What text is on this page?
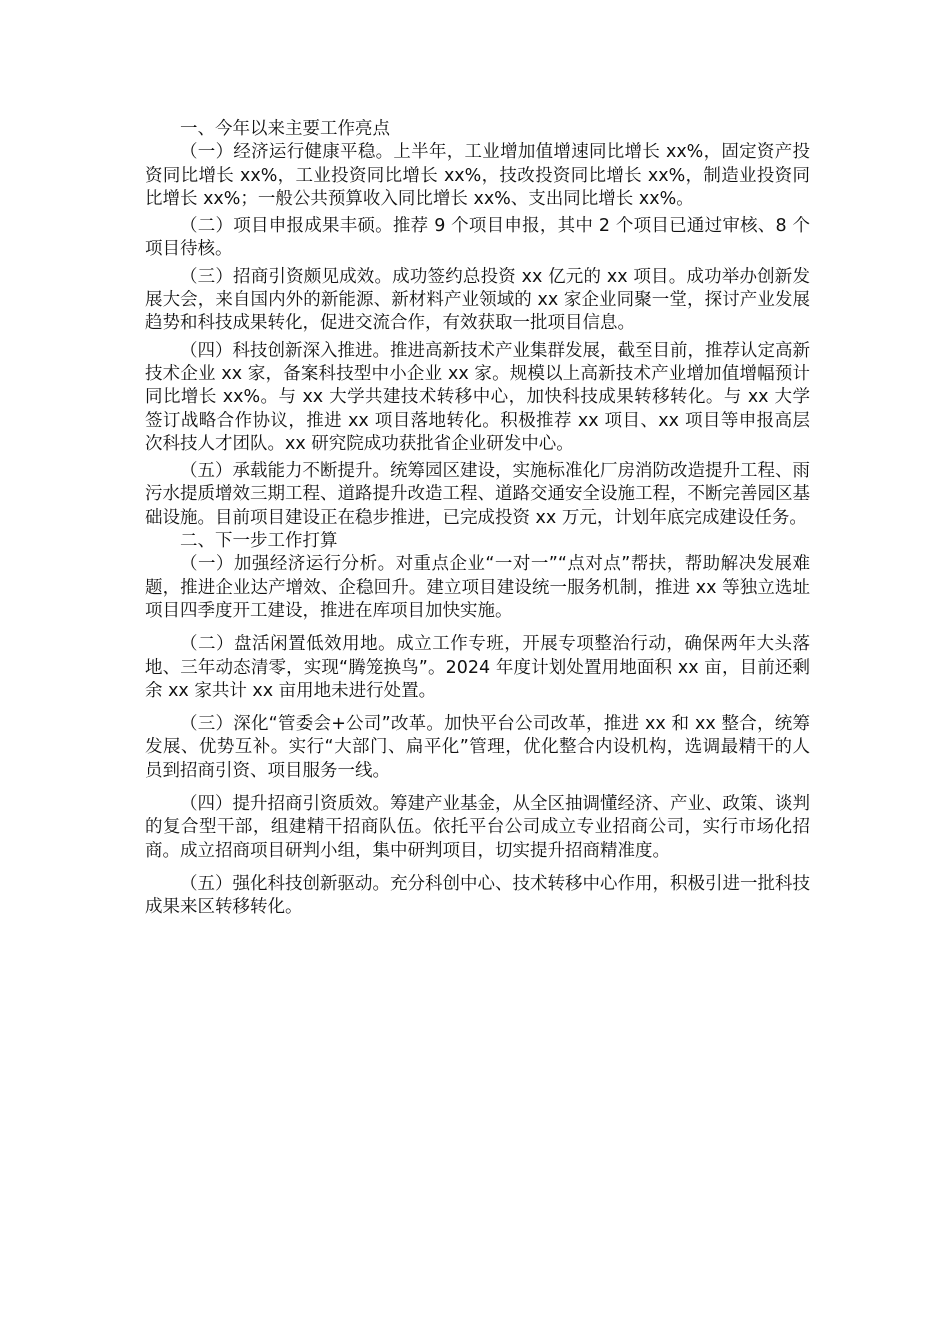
一、今年以来主要工作亮点

（一）经济运行健康平稳。上半年，工业增加值增速同比增长 xx%，固定资产投资同比增长 xx%，工业投资同比增长 xx%，技改投资同比增长 xx%，制造业投资同比增长 xx%；一般公共预算收入同比增长 xx%、支出同比增长 xx%。

（二）项目申报成果丰硕。推荐 9 个项目申报，其中 2 个项目已通过审核、8 个项目待核。

（三）招商引资颇见成效。成功签约总投资 xx 亿元的 xx 项目。成功举办创新发展大会，来自国内外的新能源、新材料产业领域的 xx 家企业同聚一堂，探讨产业发展趋势和科技成果转化，促进交流合作，有效获取一批项目信息。

（四）科技创新深入推进。推进高新技术产业集群发展，截至目前，推荐认定高新技术企业 xx 家，备案科技型中小企业 xx 家。规模以上高新技术产业增加值增幅预计同比增长 xx%。与 xx 大学共建技术转移中心，加快科技成果转移转化。与 xx 大学签订战略合作协议，推进 xx 项目落地转化。积极推荐 xx 项目、xx 项目等申报高层次科技人才团队。xx 研究院成功获批省企业研发中心。

（五）承载能力不断提升。统筹园区建设，实施标准化厂房消防改造提升工程、雨污水提质增效三期工程、道路提升改造工程、道路交通安全设施工程，不断完善园区基础设施。目前项目建设正在稳步推进，已完成投资 xx 万元，计划年底完成建设任务。

二、下一步工作打算

（一）加强经济运行分析。对重点企业“一对一”“点对点”帮扶，帮助解决发展难题，推进企业达产增效、企稳回升。建立项目建设统一服务机制，推进 xx 等独立选址项目四季度开工建设，推进在库项目加快实施。

（二）盘活闲置低效用地。成立工作专班，开展专项整治行动，确保两年大头落地、三年动态清零，实现“腾笼换鸟”。2024 年度计划处置用地面积 xx 亩，目前还剩余 xx 家共计 xx 亩用地未进行处置。

（三）深化“管委会+公司”改革。加快平台公司改革，推进 xx 和 xx 整合，统筹发展、优势互补。实行“大部门、扁平化”管理，优化整合内设机构，选调最精干的人员到招商引资、项目服务一线。

（四）提升招商引资质效。筹建产业基金，从全区抽调懂经济、产业、政策、谈判的复合型干部，组建精干招商队伍。依托平台公司成立专业招商公司，实行市场化招商。成立招商项目研判小组，集中研判项目，切实提升招商精准度。

（五）强化科技创新驱动。充分科创中心、技术转移中心作用，积极引进一批科技成果来区转移转化。
